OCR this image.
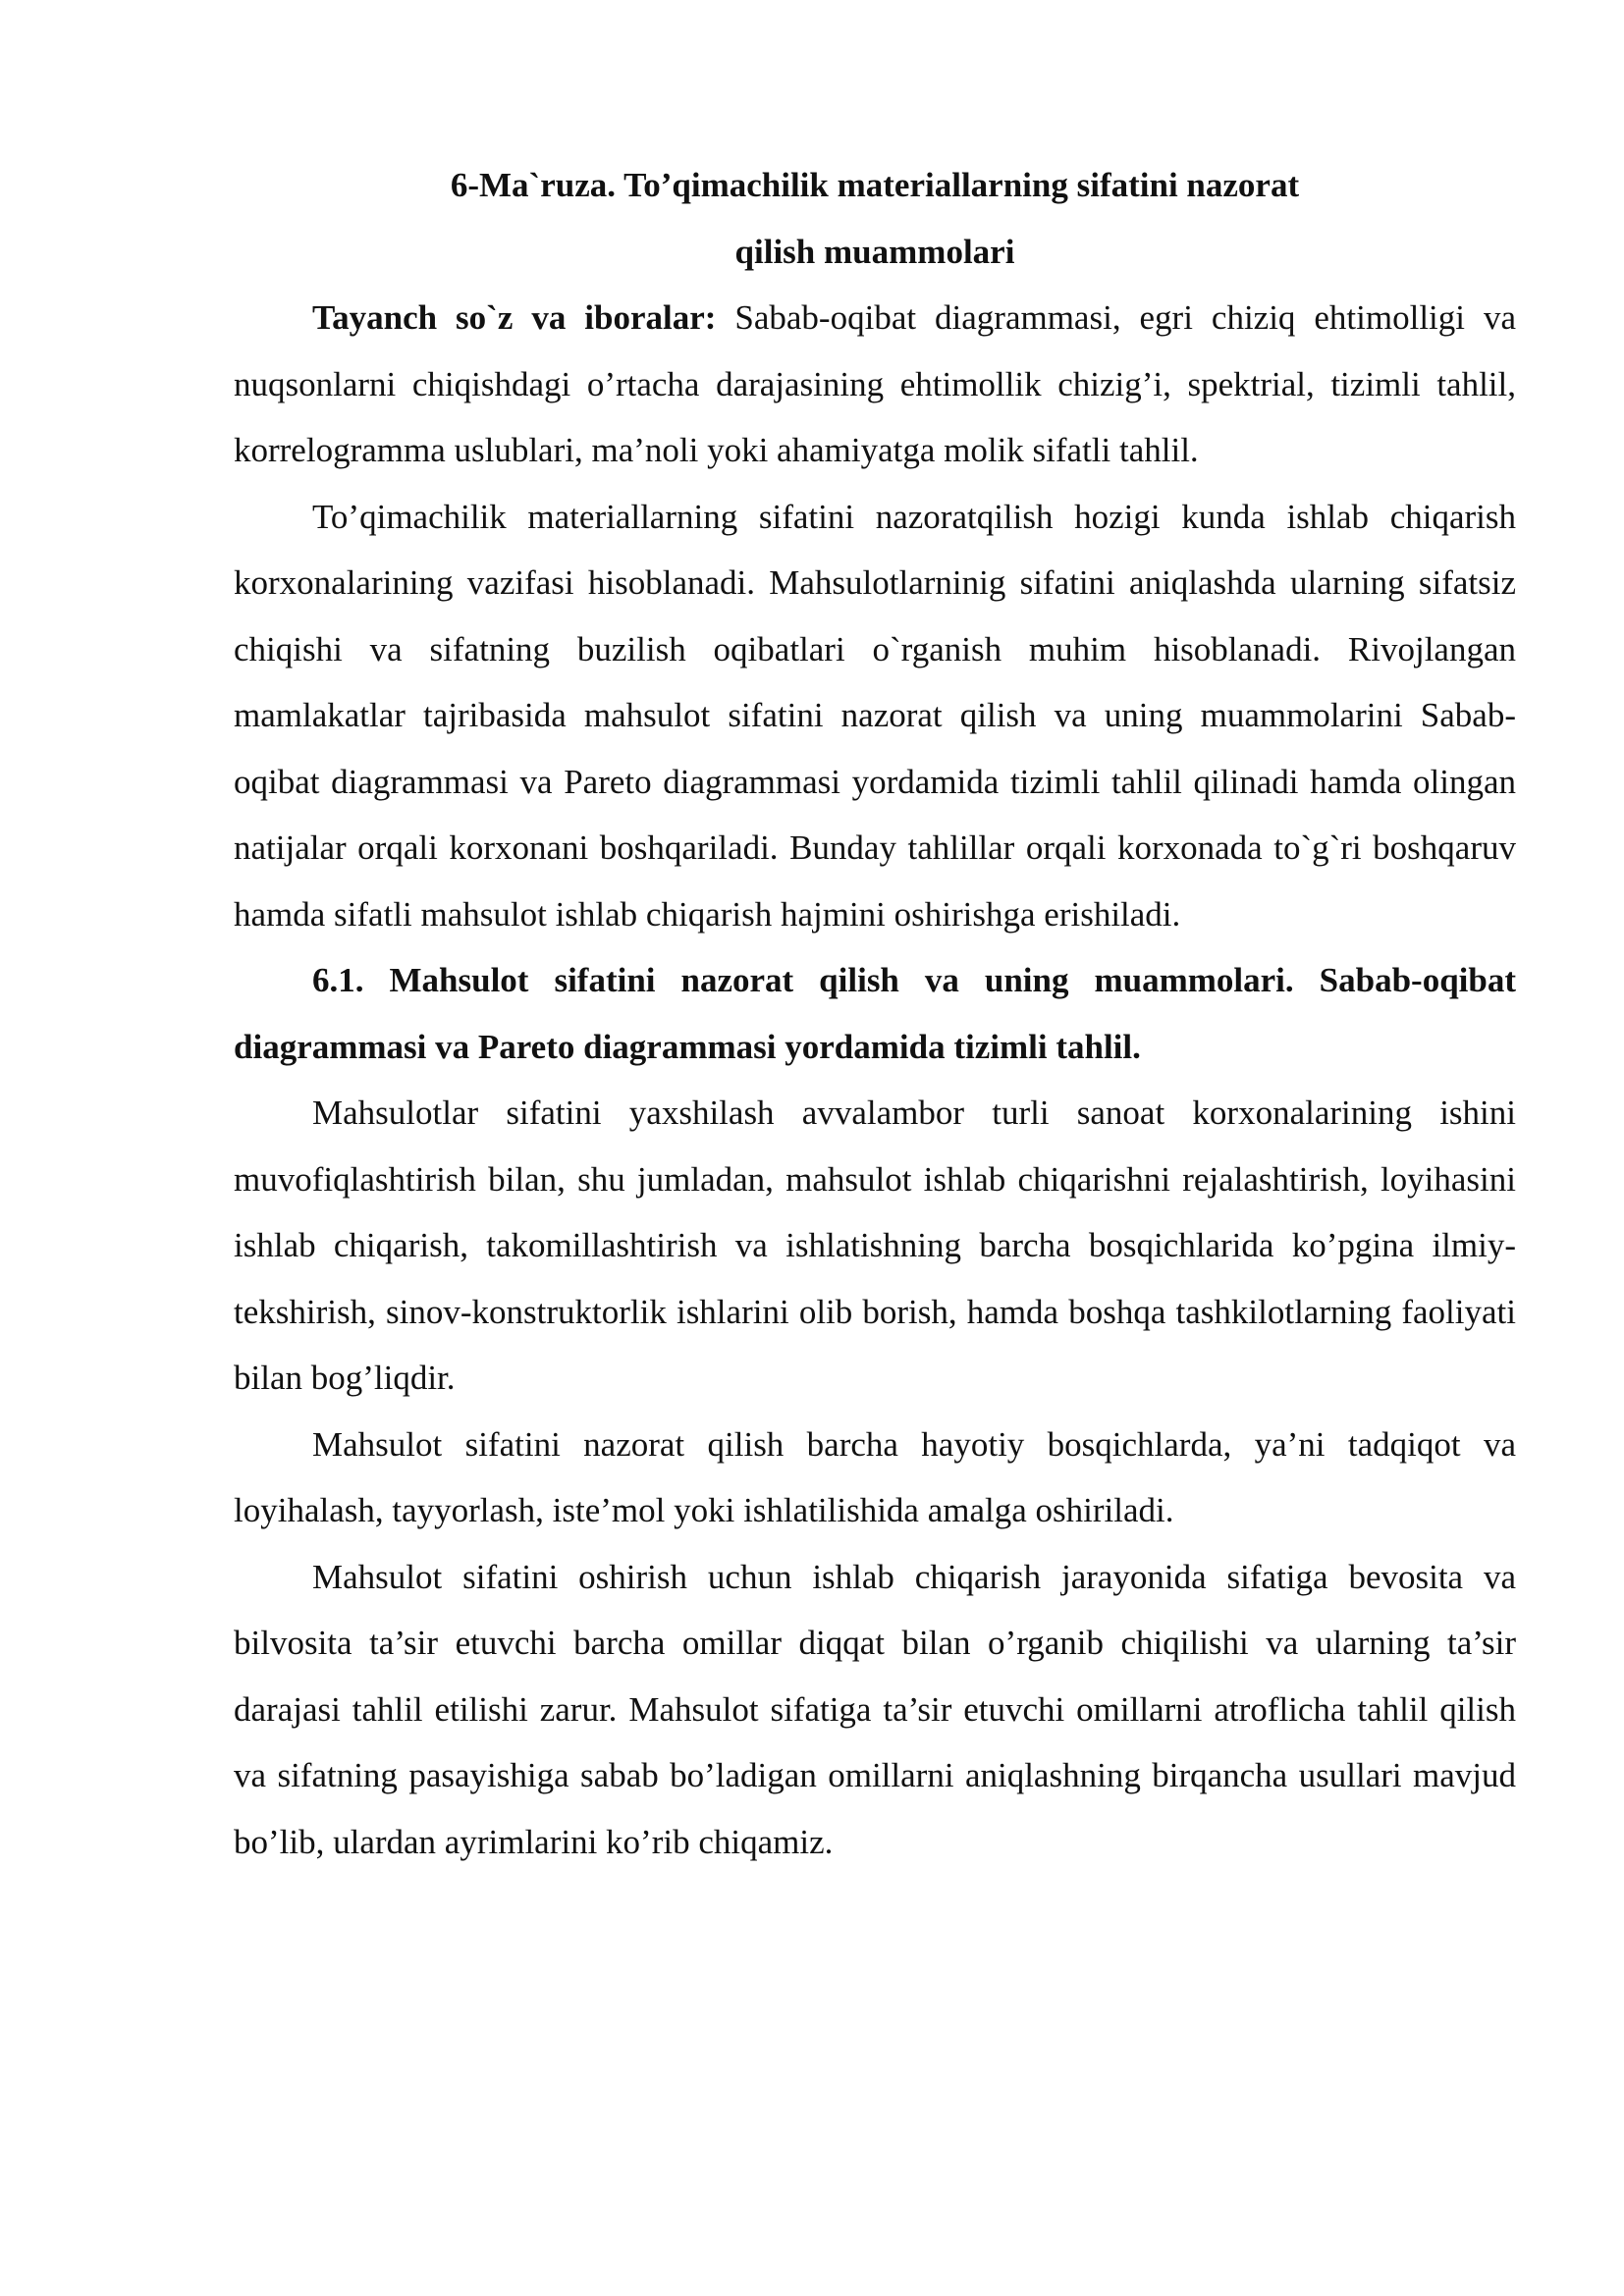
6-Ma`ruza. To’qimachilik materiallarning sifatini nazorat
qilish muammolari

Tayanch so`z va iboralar: Sabab-oqibat diagrammasi, egri chiziq ehtimolligi va nuqsonlarni chiqishdagi o’rtacha darajasining ehtimollik chizig’i, spektrial, tizimli tahlil, korrelogramma uslublari, ma’noli yoki ahamiyatga molik sifatli tahlil.

To’qimachilik materiallarning sifatini nazoratqilish hozigi kunda ishlab chiqarish korxonalarining vazifasi hisoblanadi. Mahsulotlarninig sifatini aniqlashda ularning sifatsiz chiqishi va sifatning buzilish oqibatlari o`rganish muhim hisoblanadi. Rivojlangan mamlakatlar tajribasida mahsulot sifatini nazorat qilish va uning muammolarini Sabab-oqibat diagrammasi va Pareto diagrammasi yordamida tizimli tahlil qilinadi hamda olingan natijalar orqali korxonani boshqariladi. Bunday tahlillar orqali korxonada to`g`ri boshqaruv hamda sifatli mahsulot ishlab chiqarish hajmini oshirishga erishiladi.

6.1. Mahsulot sifatini nazorat qilish va uning muammolari. Sabab-oqibat diagrammasi va Pareto diagrammasi yordamida tizimli tahlil.

Mahsulotlar sifatini yaxshilash avvalambor turli sanoat korxonalarining ishini muvofiqlashtirish bilan, shu jumladan, mahsulot ishlab chiqarishni rejalashtirish, loyihasini ishlab chiqarish, takomillashtirish va ishlatishning barcha bosqichlarida ko’pgina ilmiy-tekshirish, sinov-konstruktorlik ishlarini olib borish, hamda boshqa tashkilotlarning faoliyati bilan bog’liqdir.

Mahsulot sifatini nazorat qilish barcha hayotiy bosqichlarda, ya’ni tadqiqot va loyihalash, tayyorlash, iste’mol yoki ishlatilishida amalga oshiriladi.

Mahsulot sifatini oshirish uchun ishlab chiqarish jarayonida sifatiga bevosita va bilvosita ta’sir etuvchi barcha omillar diqqat bilan o’rganib chiqilishi va ularning ta’sir darajasi tahlil etilishi zarur. Mahsulot sifatiga ta’sir etuvchi omillarni atroflicha tahlil qilish va sifatning pasayishiga sabab bo’ladigan omillarni aniqlashning birqancha usullari mavjud bo’lib, ulardan ayrimlarini ko’rib chiqamiz.
